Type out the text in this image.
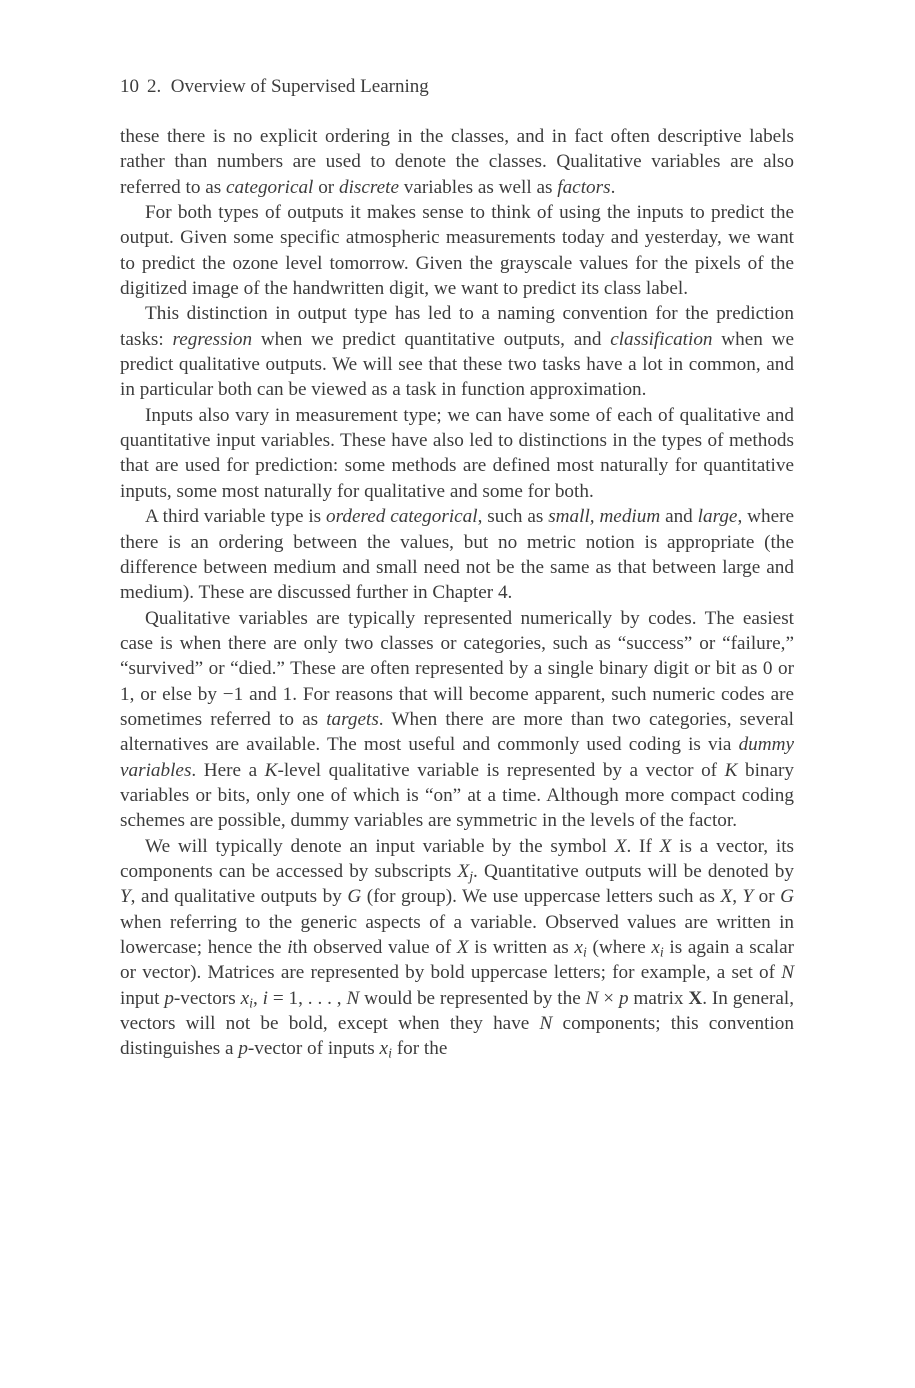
10 2.  Overview of Supervised Learning

these there is no explicit ordering in the classes, and in fact often descriptive labels rather than numbers are used to denote the classes. Qualitative variables are also referred to as categorical or discrete variables as well as factors.

For both types of outputs it makes sense to think of using the inputs to predict the output. Given some specific atmospheric measurements today and yesterday, we want to predict the ozone level tomorrow. Given the grayscale values for the pixels of the digitized image of the handwritten digit, we want to predict its class label.

This distinction in output type has led to a naming convention for the prediction tasks: regression when we predict quantitative outputs, and classification when we predict qualitative outputs. We will see that these two tasks have a lot in common, and in particular both can be viewed as a task in function approximation.

Inputs also vary in measurement type; we can have some of each of qualitative and quantitative input variables. These have also led to distinctions in the types of methods that are used for prediction: some methods are defined most naturally for quantitative inputs, some most naturally for qualitative and some for both.

A third variable type is ordered categorical, such as small, medium and large, where there is an ordering between the values, but no metric notion is appropriate (the difference between medium and small need not be the same as that between large and medium). These are discussed further in Chapter 4.

Qualitative variables are typically represented numerically by codes. The easiest case is when there are only two classes or categories, such as “success” or “failure,” “survived” or “died.” These are often represented by a single binary digit or bit as 0 or 1, or else by −1 and 1. For reasons that will become apparent, such numeric codes are sometimes referred to as targets. When there are more than two categories, several alternatives are available. The most useful and commonly used coding is via dummy variables. Here a K-level qualitative variable is represented by a vector of K binary variables or bits, only one of which is “on” at a time. Although more compact coding schemes are possible, dummy variables are symmetric in the levels of the factor.

We will typically denote an input variable by the symbol X. If X is a vector, its components can be accessed by subscripts $X_j$. Quantitative outputs will be denoted by Y, and qualitative outputs by G (for group). We use uppercase letters such as X, Y or G when referring to the generic aspects of a variable. Observed values are written in lowercase; hence the ith observed value of X is written as $x_i$ (where $x_i$ is again a scalar or vector). Matrices are represented by bold uppercase letters; for example, a set of N input p-vectors $x_i$, i = 1, . . . , N would be represented by the N × p matrix X. In general, vectors will not be bold, except when they have N components; this convention distinguishes a p-vector of inputs $x_i$ for the
